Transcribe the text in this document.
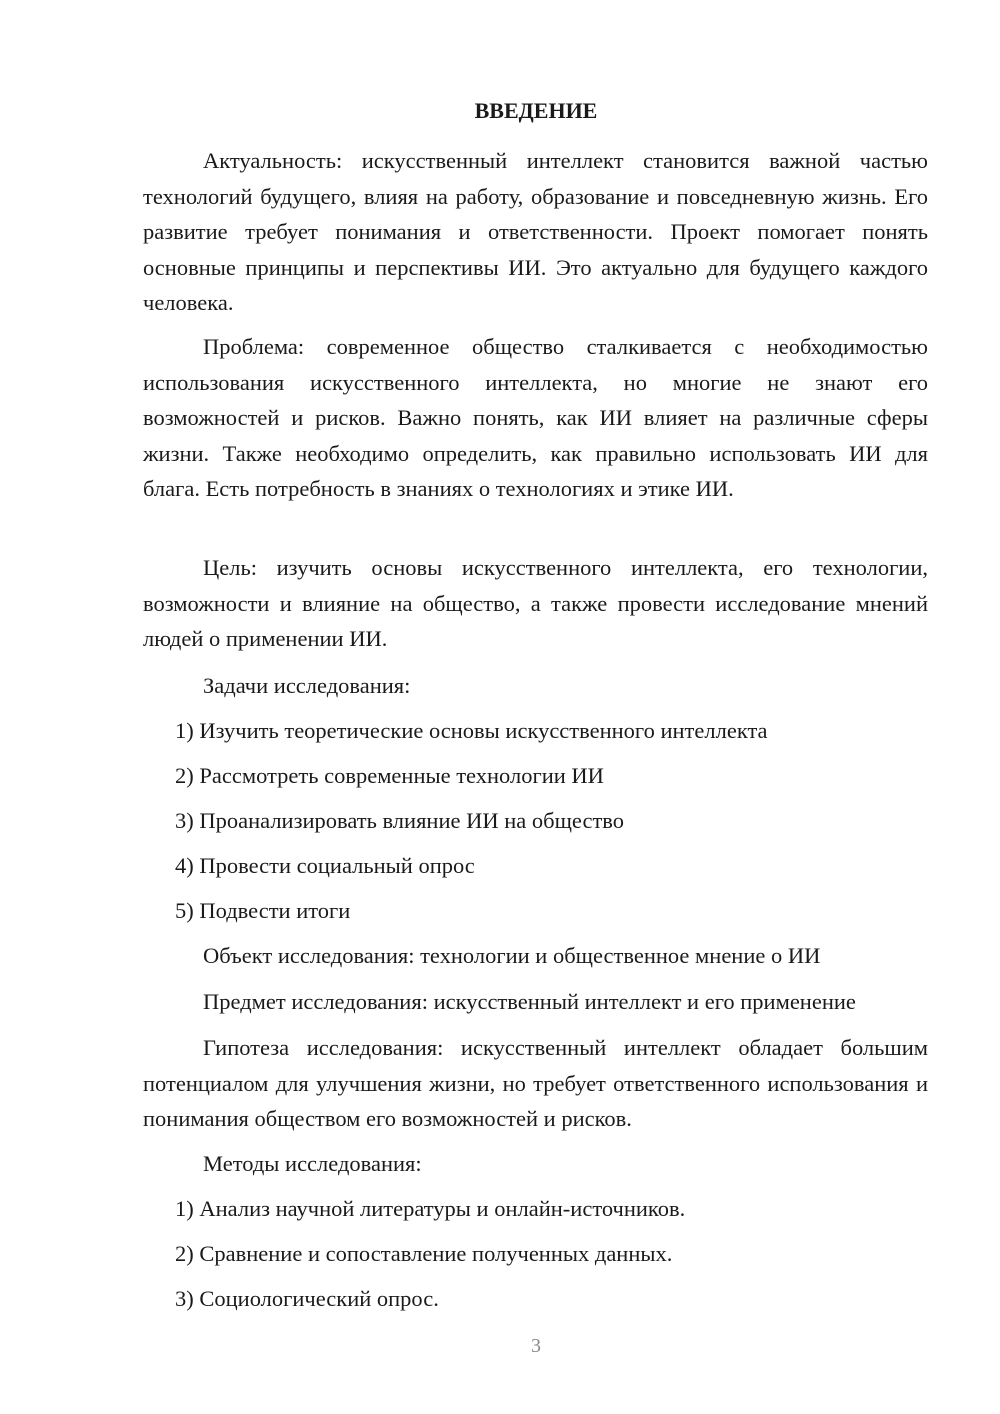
ВВЕДЕНИЕ

Актуальность: искусственный интеллект становится важной частью технологий будущего, влияя на работу, образование и повседневную жизнь. Его развитие требует понимания и ответственности. Проект помогает понять основные принципы и перспективы ИИ. Это актуально для будущего каждого человека.

Проблема: современное общество сталкивается с необходимостью использования искусственного интеллекта, но многие не знают его возможностей и рисков. Важно понять, как ИИ влияет на различные сферы жизни. Также необходимо определить, как правильно использовать ИИ для блага. Есть потребность в знаниях о технологиях и этике ИИ.

Цель: изучить основы искусственного интеллекта, его технологии, возможности и влияние на общество, а также провести исследование мнений людей о применении ИИ.

Задачи исследования:

1) Изучить теоретические основы искусственного интеллекта

2) Рассмотреть современные технологии ИИ

3) Проанализировать влияние ИИ на общество

4) Провести социальный опрос

5) Подвести итоги

Объект исследования: технологии и общественное мнение о ИИ

Предмет исследования: искусственный интеллект и его применение

Гипотеза исследования: искусственный интеллект обладает большим потенциалом для улучшения жизни, но требует ответственного использования и понимания обществом его возможностей и рисков.

Методы исследования:

1) Анализ научной литературы и онлайн-источников.

2) Сравнение и сопоставление полученных данных.

3) Социологический опрос.

3
